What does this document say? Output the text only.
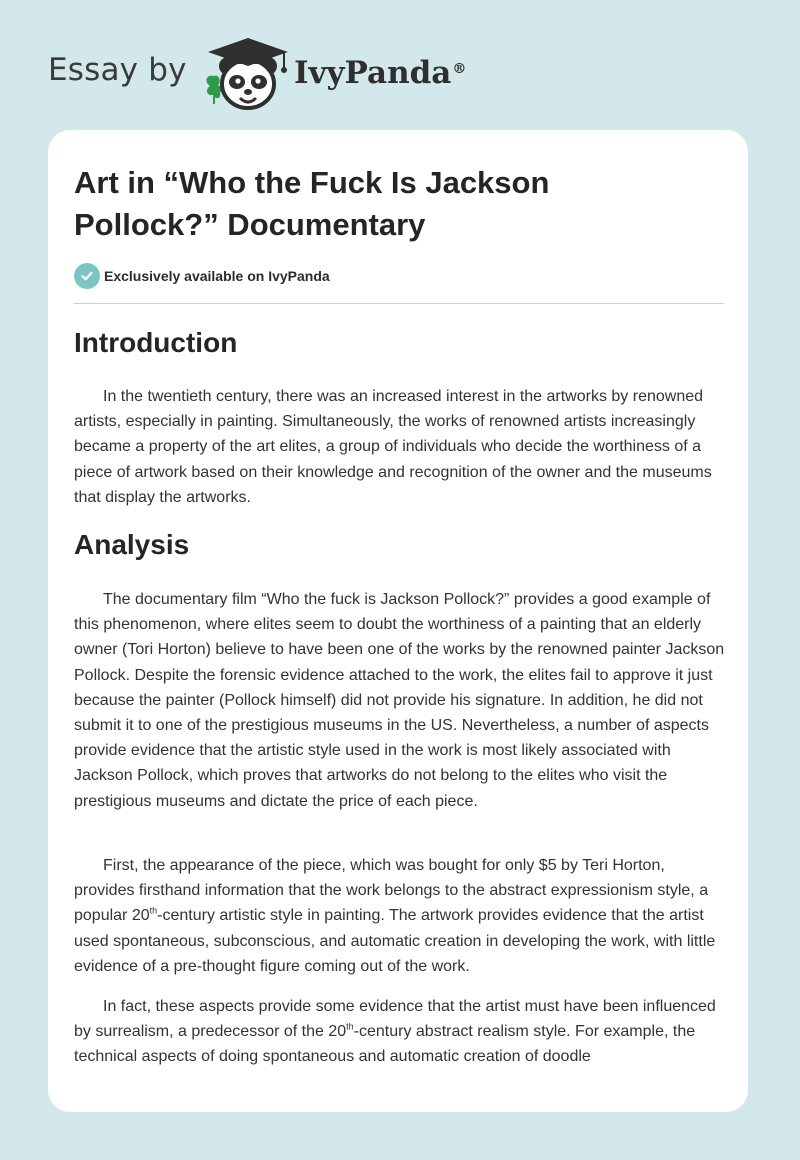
Essay by	IvyPanda®
Art in “Who the Fuck Is Jackson Pollock?” Documentary
Exclusively available on IvyPanda
Introduction

In the twentieth century, there was an increased interest in the artworks by renowned artists, especially in painting. Simultaneously, the works of renowned artists increasingly became a property of the art elites, a group of individuals who decide the worthiness of a piece of artwork based on their knowledge and recognition of the owner and the museums that display the artworks.

Analysis

The documentary film “Who the fuck is Jackson Pollock?” provides a good example of this phenomenon, where elites seem to doubt the worthiness of a painting that an elderly owner (Tori Horton) believe to have been one of the works by the renowned painter Jackson Pollock. Despite the forensic evidence attached to the work, the elites fail to approve it just because the painter (Pollock himself) did not provide his signature. In addition, he did not submit it to one of the prestigious museums in the US. Nevertheless, a number of aspects provide evidence that the artistic style used in the work is most likely associated with Jackson Pollock, which proves that artworks do not belong to the elites who visit the prestigious museums and dictate the price of each piece.

First, the appearance of the piece, which was bought for only $5 by Teri Horton, provides firsthand information that the work belongs to the abstract expressionism style, a popular 20th-century artistic style in painting. The artwork provides evidence that the artist used spontaneous, subconscious, and automatic creation in developing the work, with little evidence of a pre-thought figure coming out of the work.

In fact, these aspects provide some evidence that the artist must have been influenced by surrealism, a predecessor of the 20th-century abstract realism style. For example, the technical aspects of doing spontaneous and automatic creation of doodle
